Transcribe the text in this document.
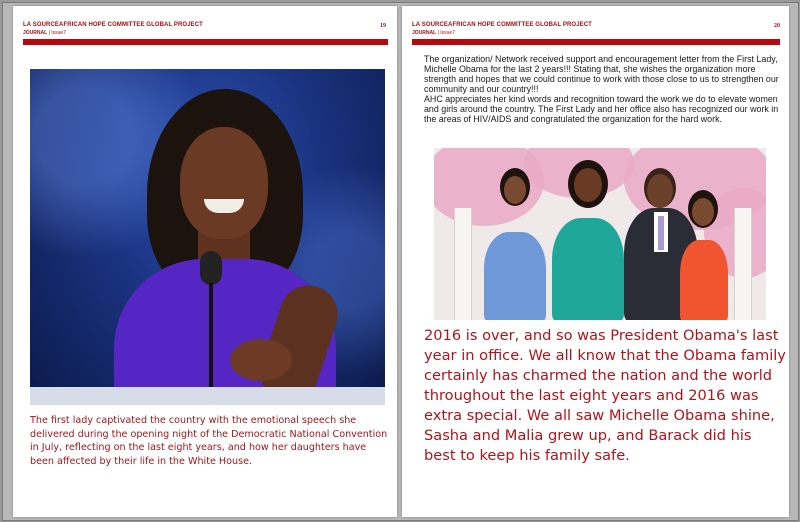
LA SOURCEAFRICAN HOPE COMMITTEE GLOBAL PROJECT
JOURNAL | Issue7
19
The first lady captivated the country with the emotional speech she delivered during the opening night of the Democratic National Convention in July, reflecting on the last eight years, and how her daughters have been affected by their life in the White House.
LA SOURCEAFRICAN HOPE COMMITTEE GLOBAL PROJECT
JOURNAL | Issue7
20

The organization/ Network received support and encouragement letter from the First Lady, Michelle Obama for the last 2 years!!! Stating that, she wishes the organization more strength and hopes that we could continue to work with those close to us to strengthen our community and our country!!!

AHC appreciates her kind words and recognition toward the work we do to elevate women and girls around the country. The First Lady and her office also has recognized our work in the areas of HIV/AIDS and congratulated the organization for the hard work.

2016 is over, and so was President Obama's last year in office. We all know that the Obama family certainly has charmed the nation and the world throughout the last eight years and 2016 was extra special. We all saw Michelle Obama shine, Sasha and Malia grew up, and Barack did his best to keep his family safe.
